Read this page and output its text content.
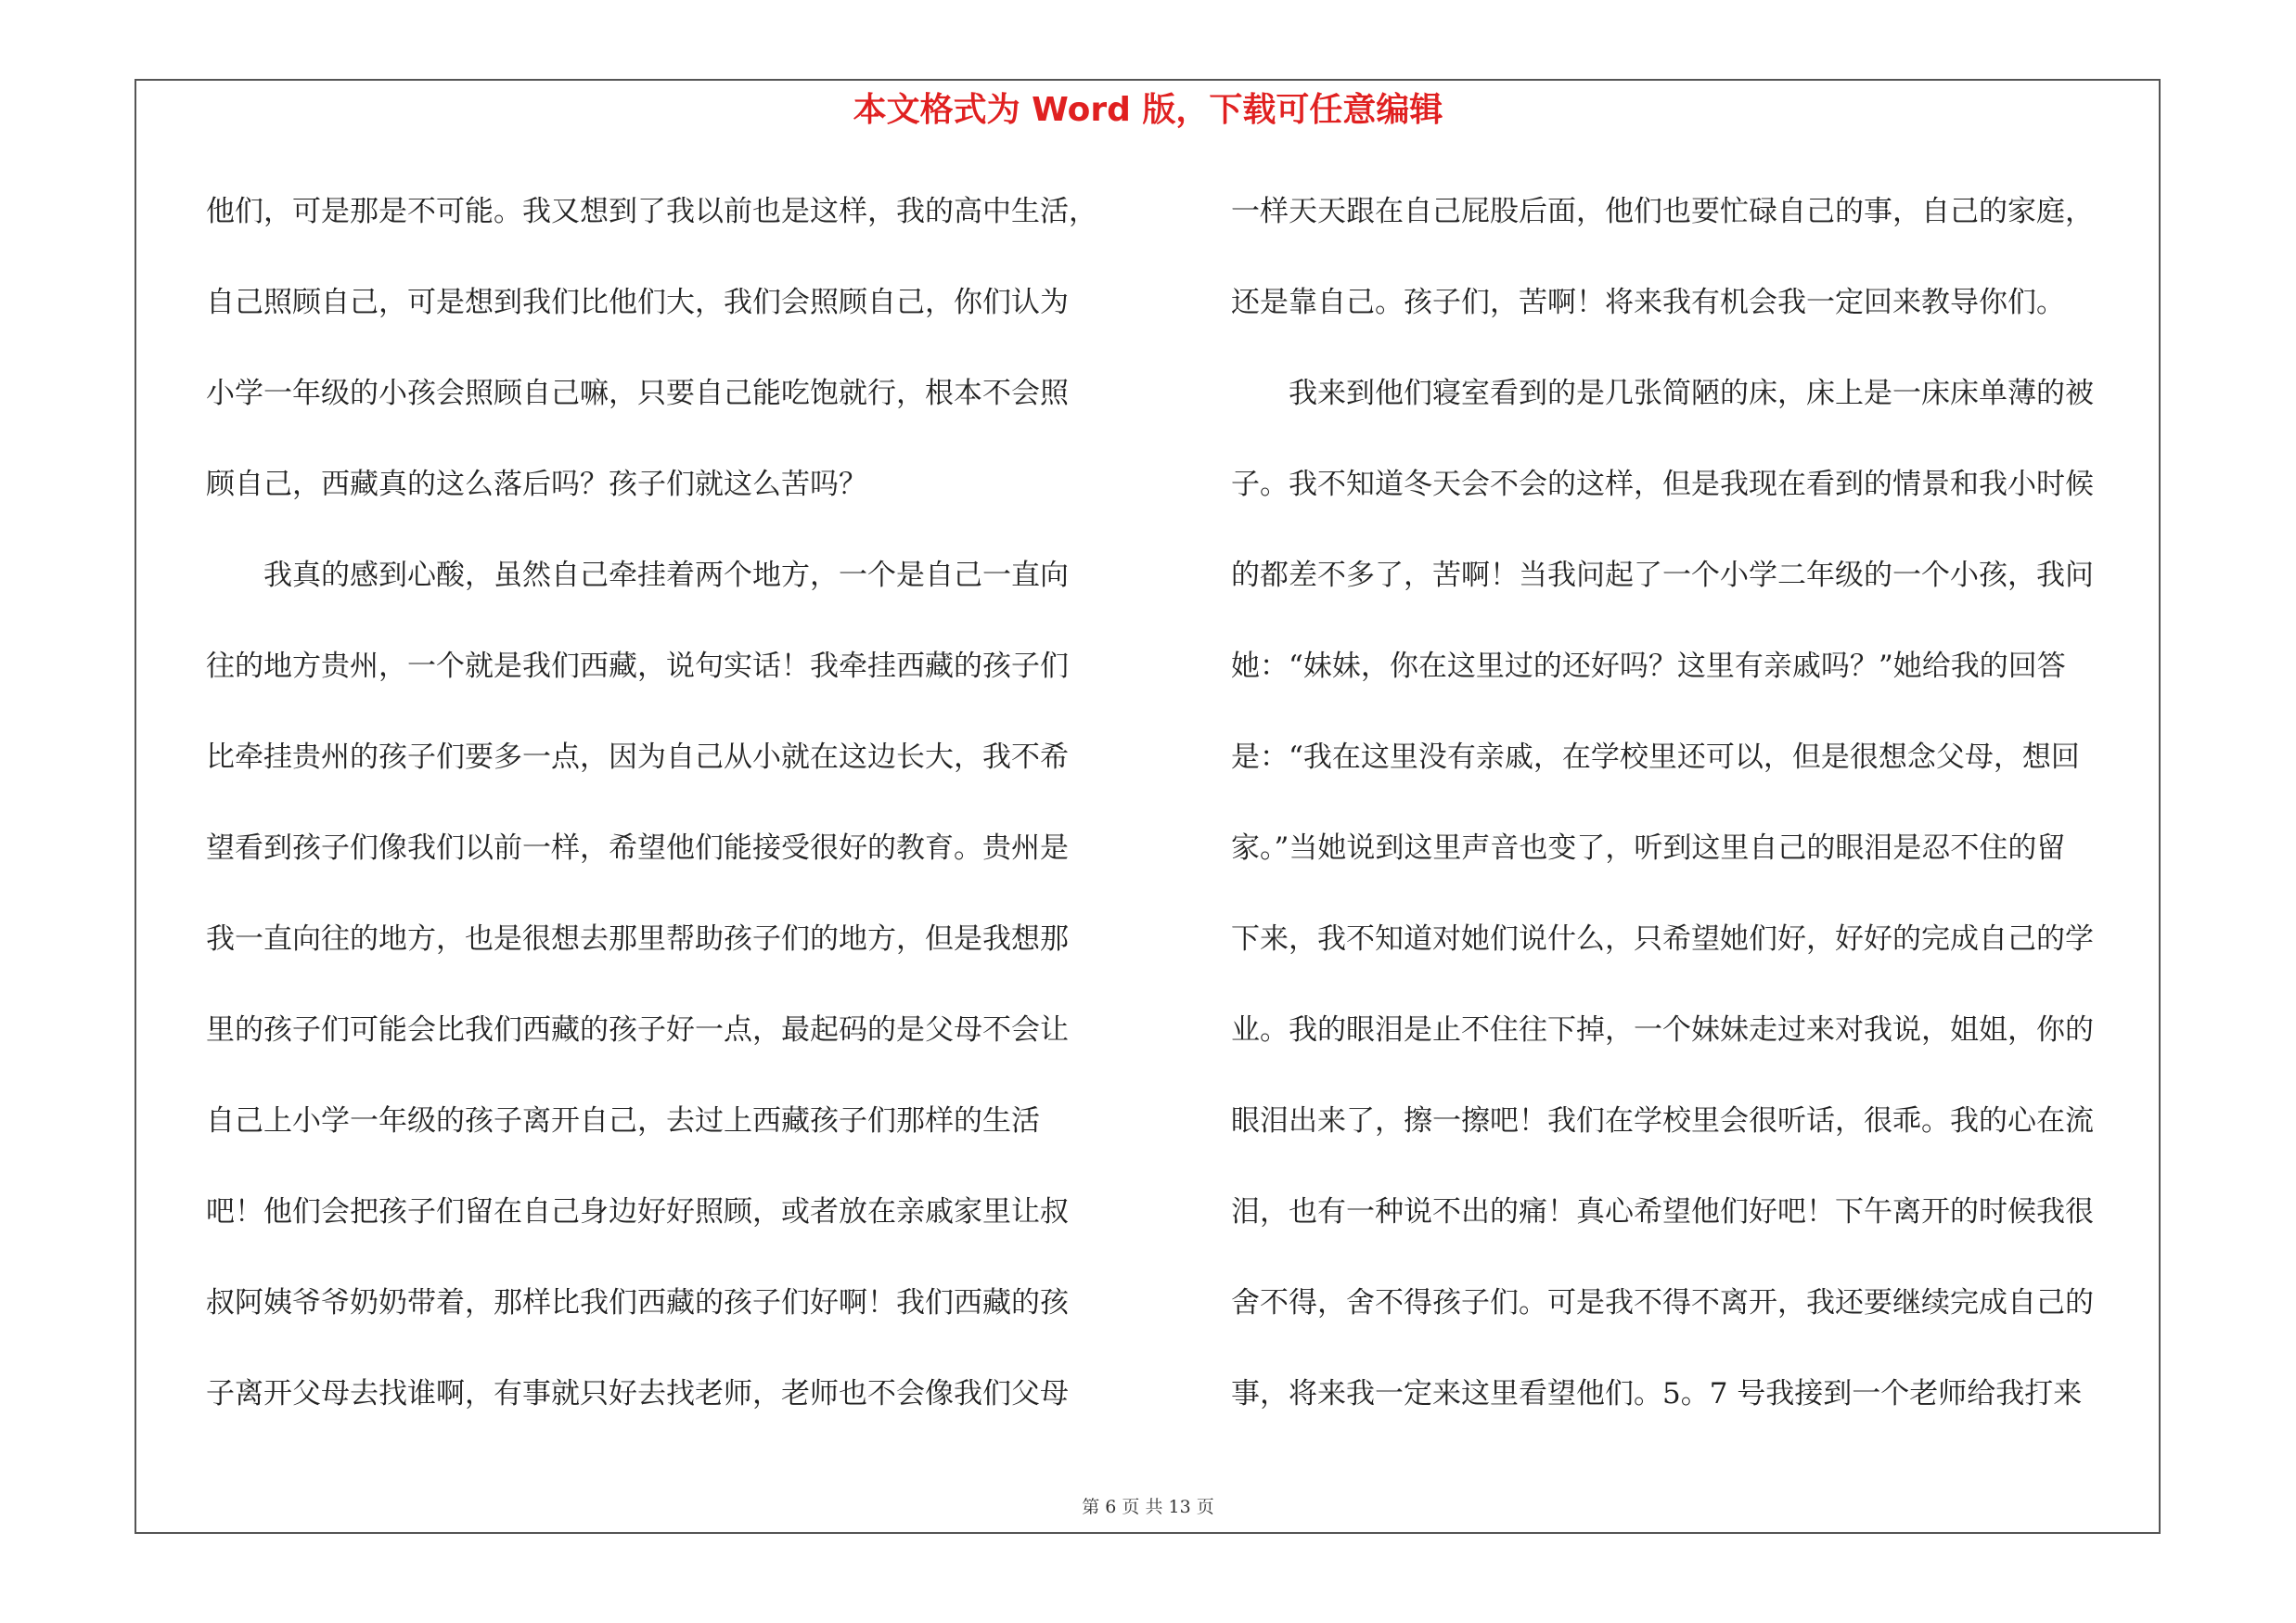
本文格式为 Word 版，下载可任意编辑
他们，可是那是不可能。我又想到了我以前也是这样，我的高中生活，
自己照顾自己，可是想到我们比他们大，我们会照顾自己，你们认为
小学一年级的小孩会照顾自己嘛，只要自己能吃饱就行，根本不会照
顾自己，西藏真的这么落后吗？孩子们就这么苦吗？
　　我真的感到心酸，虽然自己牵挂着两个地方，一个是自己一直向
往的地方贵州，一个就是我们西藏，说句实话！我牵挂西藏的孩子们
比牵挂贵州的孩子们要多一点，因为自己从小就在这边长大，我不希
望看到孩子们像我们以前一样，希望他们能接受很好的教育。贵州是
我一直向往的地方，也是很想去那里帮助孩子们的地方，但是我想那
里的孩子们可能会比我们西藏的孩子好一点，最起码的是父母不会让
自己上小学一年级的孩子离开自己，去过上西藏孩子们那样的生活
吧！他们会把孩子们留在自己身边好好照顾，或者放在亲戚家里让叔
叔阿姨爷爷奶奶带着，那样比我们西藏的孩子们好啊！我们西藏的孩
子离开父母去找谁啊，有事就只好去找老师，老师也不会像我们父母
一样天天跟在自己屁股后面，他们也要忙碌自己的事，自己的家庭，
还是靠自己。孩子们，苦啊！将来我有机会我一定回来教导你们。
　　我来到他们寝室看到的是几张简陋的床，床上是一床床单薄的被
子。我不知道冬天会不会的这样，但是我现在看到的情景和我小时候
的都差不多了，苦啊！当我问起了一个小学二年级的一个小孩，我问
她：“妹妹，你在这里过的还好吗？这里有亲戚吗？”她给我的回答
是：“我在这里没有亲戚，在学校里还可以，但是很想念父母，想回
家。”当她说到这里声音也变了，听到这里自己的眼泪是忍不住的留
下来，我不知道对她们说什么，只希望她们好，好好的完成自己的学
业。我的眼泪是止不住往下掉，一个妹妹走过来对我说，姐姐，你的
眼泪出来了，擦一擦吧！我们在学校里会很听话，很乖。我的心在流
泪，也有一种说不出的痛！真心希望他们好吧！下午离开的时候我很
舍不得，舍不得孩子们。可是我不得不离开，我还要继续完成自己的
事，将来我一定来这里看望他们。5。7 号我接到一个老师给我打来
第 6 页 共 13 页
